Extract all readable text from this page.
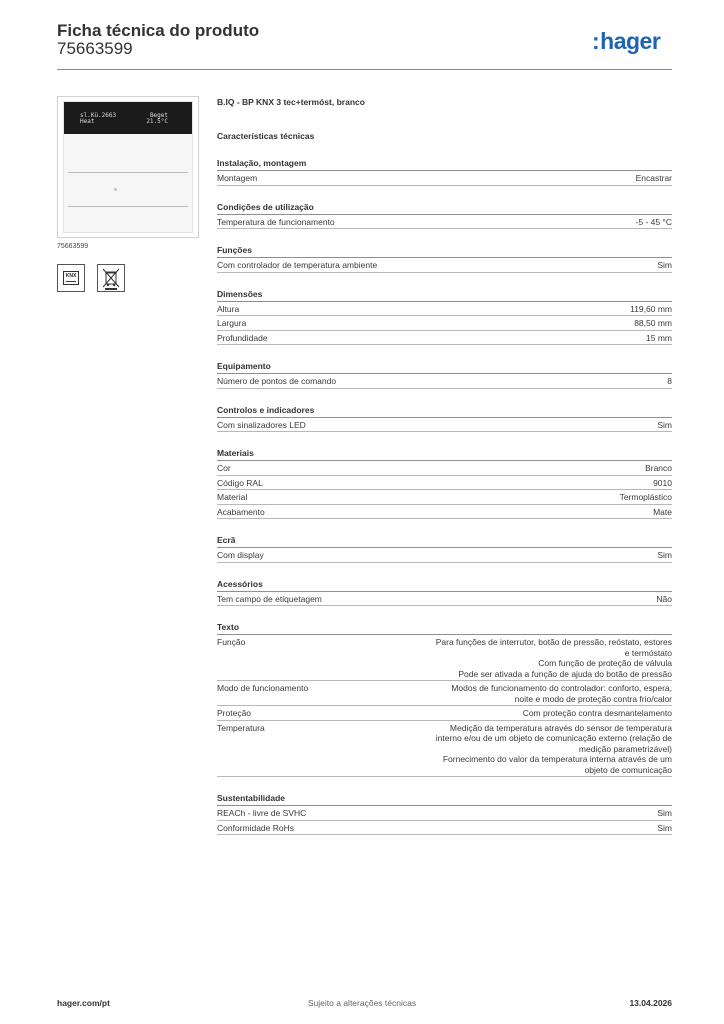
Ficha técnica do produto
75663599	:hager
sl.Kü.2663
Heat
Beget
21.5°C
75663599
KNX
B.IQ - BP KNX 3 tec+termóst, branco
Características técnicas
Instalação, montagem
Montagem	Encastrar
Condições de utilização
Temperatura de funcionamento	-5 - 45 °C
Funções
Com controlador de temperatura ambiente	Sim
Dimensões
Altura	119,60 mm
Largura	88,50 mm
Profundidade	15 mm
Equipamento
Número de pontos de comando	8
Controlos e indicadores
Com sinalizadores LED	Sim
Materiais
Cor	Branco
Código RAL	9010
Material	Termoplástico
Acabamento	Mate
Ecrã
Com display	Sim
Acessórios
Tem campo de etiquetagem	Não
Texto
Função	Para funções de interrutor, botão de pressão, reóstato, estores
e termóstato
Com função de proteção de válvula
Pode ser ativada a função de ajuda do botão de pressão
Modo de funcionamento	Modos de funcionamento do controlador: conforto, espera,
noite e modo de proteção contra frio/calor
Proteção	Com proteção contra desmantelamento
Temperatura	Medição da temperatura através do sensor de temperatura
interno e/ou de um objeto de comunicação externo (relação de
medição parametrizável)
Fornecimento do valor da temperatura interna através de um
objeto de comunicação
Sustentabilidade
REACh - livre de SVHC	Sim
Conformidade RoHs	Sim
hager.com/pt	Sujeito a alterações técnicas	13.04.2026
